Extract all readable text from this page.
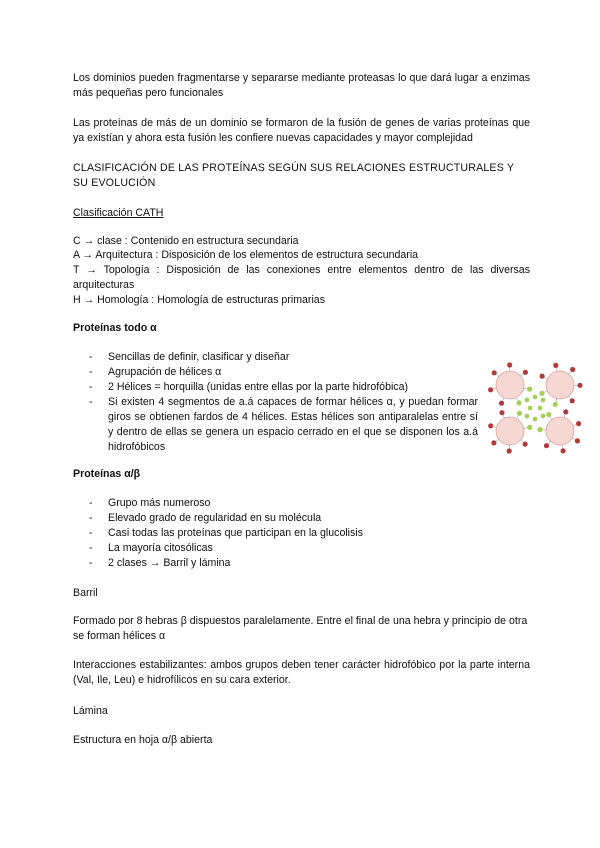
Los dominios pueden fragmentarse y separarse mediante proteasas lo que dará lugar a enzimas más pequeñas pero funcionales
Las proteínas de más de un dominio se formaron de la fusión de genes de varias proteínas que ya existían y ahora esta fusión les confiere nuevas capacidades y mayor complejidad
CLASIFICACIÓN DE LAS PROTEÍNAS SEGÚN SUS RELACIONES ESTRUCTURALES Y SU EVOLUCIÓN
Clasificación CATH
C → clase : Contenido en estructura secundaria
A → Arquitectura : Disposición de los elementos de estructura secundaria
T → Topología : Disposición de las conexiones entre elementos dentro de las diversas arquitecturas
H → Homología : Homología de estructuras primarias
Proteínas todo α
- Sencillas de definir, clasificar y diseñar
- Agrupación de hélices α
- 2 Hélices = horquilla (unidas entre ellas por la parte hidrofóbica)
- Si existen 4 segmentos de a.á capaces de formar hélices α, y puedan formar giros se obtienen fardos de 4 hélices. Estas hélices son antiparalelas entre sí y dentro de ellas se genera un espacio cerrado en el que se disponen los a.á hidrofóbicos
Proteínas α/β
- Grupo más numeroso
- Elevado grado de regularidad en su molécula
- Casi todas las proteínas que participan en la glucolisis
- La mayoría citosólicas
- 2 clases → Barril y lámina
Barril
Formado por 8 hebras β dispuestos paralelamente. Entre el final de una hebra y principio de otra se forman hélices α
Interacciones estabilizantes: ambos grupos deben tener carácter hidrofóbico por la parte interna (Val, Ile, Leu) e hidrofílicos en su cara exterior.
Lámina
Estructura en hoja α/β abierta
